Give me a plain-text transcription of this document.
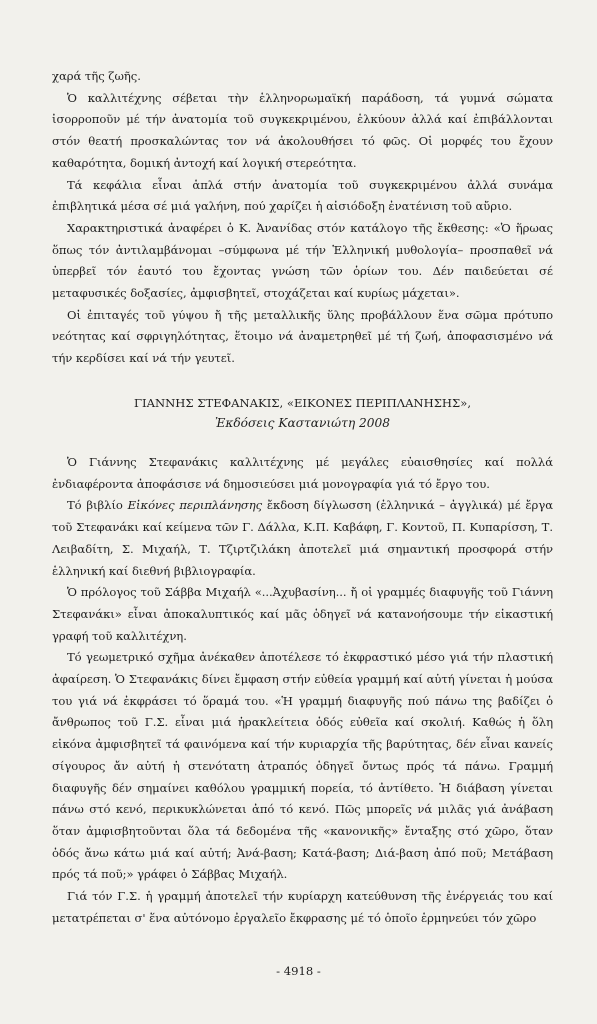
χαρά τῆς ζωῆς.

Ὁ καλλιτέχνης σέβεται τὴν ἑλληνορωμαϊκή παράδοση, τά γυμνά σώματα ἰσορροποῦν μέ τήν ἀνατομία τοῦ συγκεκριμένου, ἑλκύουν ἀλλά καί ἐπιβάλλονται στόν θεατή προσκαλώντας τον νά ἀκολουθήσει τό φῶς. Οἱ μορφές του ἔχουν καθαρότητα, δομική ἀντοχή καί λογική στερεότητα.

Τά κεφάλια εἶναι ἁπλά στήν ἀνατομία τοῦ συγκεκριμένου ἀλλά συνάμα ἐπιβλητικά μέσα σέ μιά γαλήνη, πού χαρίζει ἡ αἰσιόδοξη ἐνατένιση τοῦ αὔριο.

Χαρακτηριστικά ἀναφέρει ὁ Κ. Ἀνανίδας στόν κατάλογο τῆς ἔκθεσης: «Ὁ ἥρωας ὅπως τόν ἀντιλαμβάνομαι –σύμφωνα μέ τήν Ἑλληνική μυθολογία– προσπαθεῖ νά ὑπερβεῖ τόν ἑαυτό του ἔχοντας γνώση τῶν ὁρίων του. Δέν παιδεύεται σέ μεταφυσικές δοξασίες, ἀμφισβητεῖ, στοχάζεται καί κυρίως μάχεται».

Οἱ ἐπιταγές τοῦ γύψου ἤ τῆς μεταλλικῆς ὕλης προβάλλουν ἕνα σῶμα πρότυπο νεότητας καί σφριγηλότητας, ἕτοιμο νά ἀναμετρηθεῖ μέ τή ζωή, ἀποφασισμένο νά τήν κερδίσει καί νά τήν γευτεῖ.

ΓΙΑΝΝΗΣ ΣΤΕΦΑΝΑΚΙΣ, «ΕΙΚΟΝΕΣ ΠΕΡΙΠΛΑΝΗΣΗΣ»,
Ἐκδόσεις Καστανιώτη 2008

Ὁ Γιάννης Στεφανάκις καλλιτέχνης μέ μεγάλες εὐαισθησίες καί πολλά ἐνδιαφέροντα ἀποφάσισε νά δημοσιεύσει μιά μονογραφία γιά τό ἔργο του.

Τό βιβλίο Εἰκόνες περιπλάνησης ἔκδοση δίγλωσση (ἑλληνικά – ἀγγλικά) μέ ἔργα τοῦ Στεφανάκι καί κείμενα τῶν Γ. Δάλλα, Κ.Π. Καβάφη, Γ. Κοντοῦ, Π. Κυπαρίσση, Τ. Λειβαδίτη, Σ. Μιχαήλ, Τ. Τζιρτζιλάκη ἀποτελεῖ μιά σημαντική προσφορά στήν ἑλληνική καί διεθνή βιβλιογραφία.

Ὁ πρόλογος τοῦ Σάββα Μιχαήλ «...Ἀχυβασίνη... ἤ οἱ γραμμές διαφυγῆς τοῦ Γιάννη Στεφανάκι» εἶναι ἀποκαλυπτικός καί μᾶς ὁδηγεῖ νά κατανοήσουμε τήν εἰκαστική γραφή τοῦ καλλιτέχνη.

Τό γεωμετρικό σχῆμα ἀνέκαθεν ἀποτέλεσε τό ἐκφραστικό μέσο γιά τήν πλαστική ἀφαίρεση. Ὁ Στεφανάκις δίνει ἔμφαση στήν εὐθεία γραμμή καί αὐτή γίνεται ἡ μούσα του γιά νά ἐκφράσει τό ὅραμά του. «Ἡ γραμμή διαφυγῆς πού πάνω της βαδίζει ὁ ἄνθρωπος τοῦ Γ.Σ. εἶναι μιά ἡρακλείτεια ὁδός εὐθεῖα καί σκολιή. Καθώς ἡ ὅλη εἰκόνα ἀμφισβητεῖ τά φαινόμενα καί τήν κυριαρχία τῆς βαρύτητας, δέν εἶναι κανείς σίγουρος ἄν αὐτή ἡ στενότατη ἀτραπός ὁδηγεῖ ὄντως πρός τά πάνω. Γραμμή διαφυγῆς δέν σημαίνει καθόλου γραμμική πορεία, τό ἀντίθετο. Ἡ διάβαση γίνεται πάνω στό κενό, περικυκλώνεται ἀπό τό κενό. Πῶς μπορεῖς νά μιλᾶς γιά ἀνάβαση ὅταν ἀμφισβητοῦνται ὅλα τά δεδομένα τῆς «κανονικῆς» ἔνταξης στό χῶρο, ὅταν ὁδός ἄνω κάτω μιά καί αὐτή; Ἀνά-βαση; Κατά-βαση; Διά-βαση ἀπό ποῦ; Μετάβαση πρός τά ποῦ;» γράφει ὁ Σάββας Μιχαήλ.

Γιά τόν Γ.Σ. ἡ γραμμή ἀποτελεῖ τήν κυρίαρχη κατεύθυνση τῆς ἐνέργειάς του καί μετατρέπεται σ' ἕνα αὐτόνομο ἐργαλεῖο ἔκφρασης μέ τό ὁποῖο ἑρμηνεύει τόν χῶρο

- 4918 -
